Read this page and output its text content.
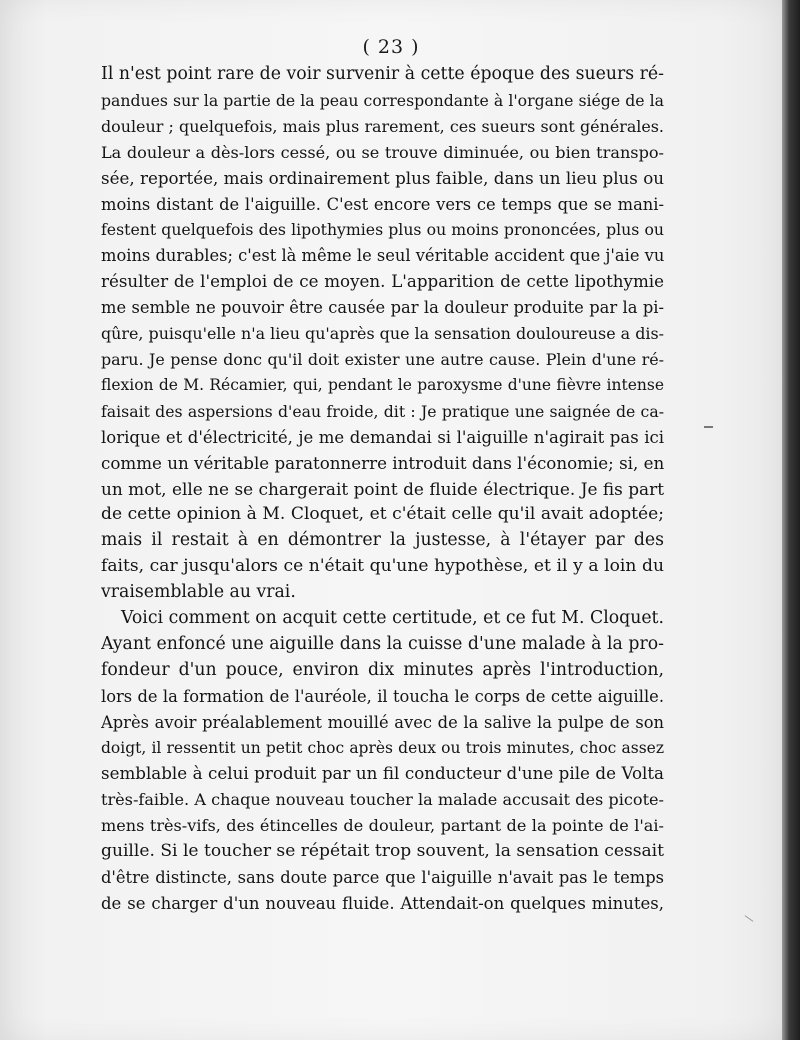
( 23 )
Il n'est point rare de voir survenir à cette époque des sueurs ré-
pandues sur la partie de la peau correspondante à l'organe siége de la
douleur ; quelquefois, mais plus rarement, ces sueurs sont générales.
La douleur a dès-lors cessé, ou se trouve diminuée, ou bien transpo-
sée, reportée, mais ordinairement plus faible, dans un lieu plus ou
moins distant de l'aiguille. C'est encore vers ce temps que se mani-
festent quelquefois des lipothymies plus ou moins prononcées, plus ou
moins durables; c'est là même le seul véritable accident que j'aie vu
résulter de l'emploi de ce moyen. L'apparition de cette lipothymie
me semble ne pouvoir être causée par la douleur produite par la pi-
qûre, puisqu'elle n'a lieu qu'après que la sensation douloureuse a dis-
paru. Je pense donc qu'il doit exister une autre cause. Plein d'une ré-
flexion de M. Récamier, qui, pendant le paroxysme d'une fièvre intense
faisait des aspersions d'eau froide, dit : Je pratique une saignée de ca-
lorique et d'électricité, je me demandai si l'aiguille n'agirait pas ici
comme un véritable paratonnerre introduit dans l'économie; si, en
un mot, elle ne se chargerait point de fluide électrique. Je fis part
de cette opinion à M. Cloquet, et c'était celle qu'il avait adoptée;
mais il restait à en démontrer la justesse, à l'étayer par des
faits, car jusqu'alors ce n'était qu'une hypothèse, et il y a loin du
vraisemblable au vrai.
Voici comment on acquit cette certitude, et ce fut M. Cloquet.
Ayant enfoncé une aiguille dans la cuisse d'une malade à la pro-
fondeur d'un pouce, environ dix minutes après l'introduction,
lors de la formation de l'auréole, il toucha le corps de cette aiguille.
Après avoir préalablement mouillé avec de la salive la pulpe de son
doigt, il ressentit un petit choc après deux ou trois minutes, choc assez
semblable à celui produit par un fil conducteur d'une pile de Volta
très-faible. A chaque nouveau toucher la malade accusait des picote-
mens très-vifs, des étincelles de douleur, partant de la pointe de l'ai-
guille. Si le toucher se répétait trop souvent, la sensation cessait
d'être distincte, sans doute parce que l'aiguille n'avait pas le temps
de se charger d'un nouveau fluide. Attendait-on quelques minutes,
